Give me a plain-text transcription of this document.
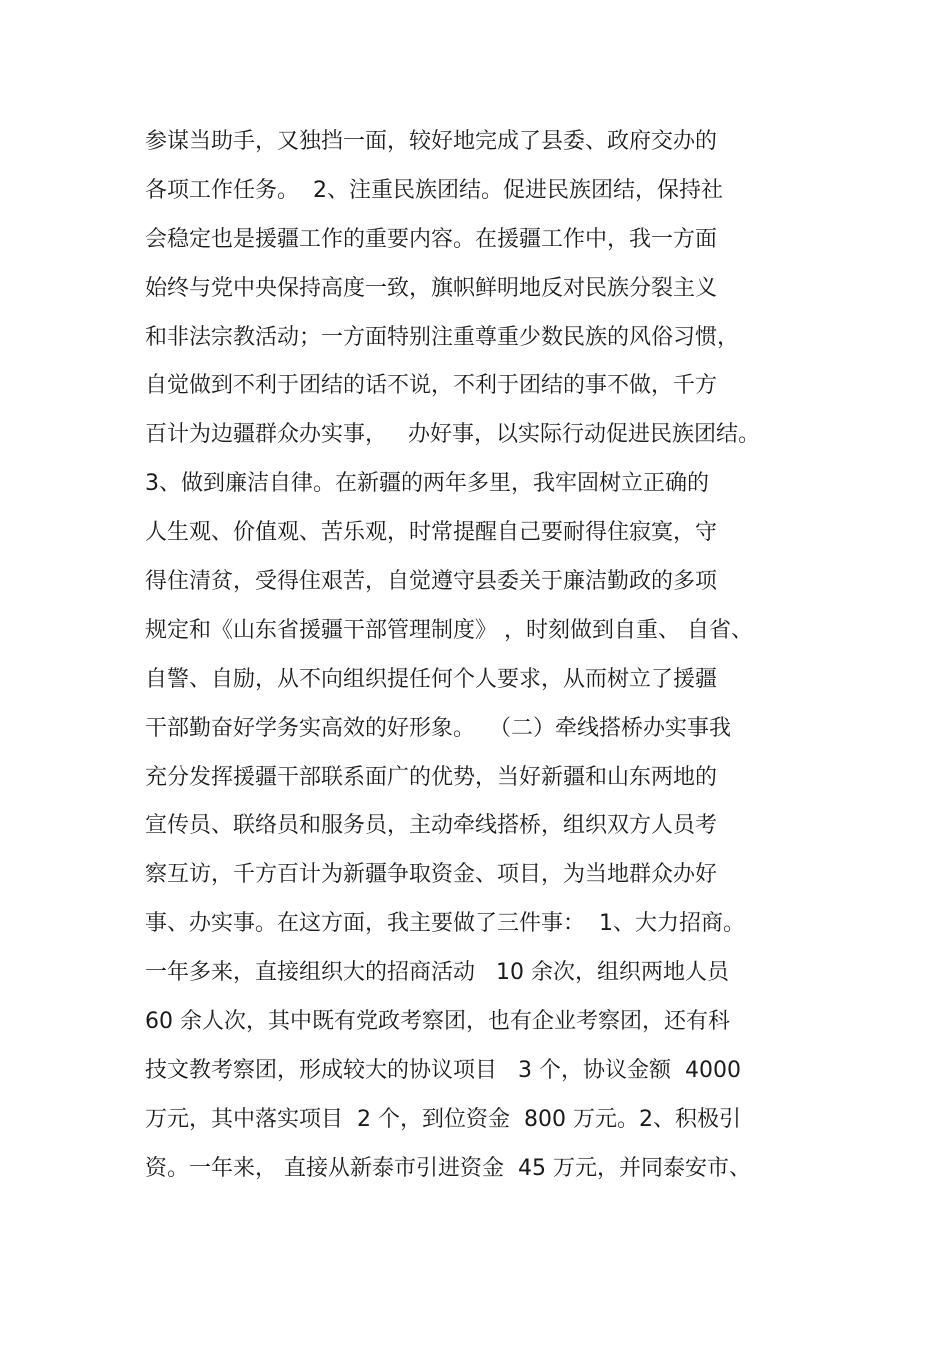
参谋当助手，又独挡一面，较好地完成了县委、政府交办的
各项工作任务。  2、注重民族团结。促进民族团结，保持社
会稳定也是援疆工作的重要内容。在援疆工作中，我一方面
始终与党中央保持高度一致，旗帜鲜明地反对民族分裂主义
和非法宗教活动；一方面特别注重尊重少数民族的风俗习惯，
自觉做到不利于团结的话不说，不利于团结的事不做，千方
百计为边疆群众办实事，   办好事，以实际行动促进民族团结。
3、做到廉洁自律。在新疆的两年多里，我牢固树立正确的
人生观、价值观、苦乐观，时常提醒自己要耐得住寂寞，守
得住清贫，受得住艰苦，自觉遵守县委关于廉洁勤政的多项
规定和《山东省援疆干部管理制度》 ，时刻做到自重、 自省、
自警、自励，从不向组织提任何个人要求，从而树立了援疆
干部勤奋好学务实高效的好形象。  （二）牵线搭桥办实事我
充分发挥援疆干部联系面广的优势，当好新疆和山东两地的
宣传员、联络员和服务员，主动牵线搭桥，组织双方人员考
察互访，千方百计为新疆争取资金、项目，为当地群众办好
事、办实事。在这方面，我主要做了三件事：  1、大力招商。
一年多来，直接组织大的招商活动   10 余次，组织两地人员
60 余人次，其中既有党政考察团，也有企业考察团，还有科
技文教考察团，形成较大的协议项目   3 个，协议金额  4000
万元，其中落实项目  2 个，到位资金  800 万元。2、积极引
资。一年来， 直接从新泰市引进资金  45 万元，并同泰安市、
